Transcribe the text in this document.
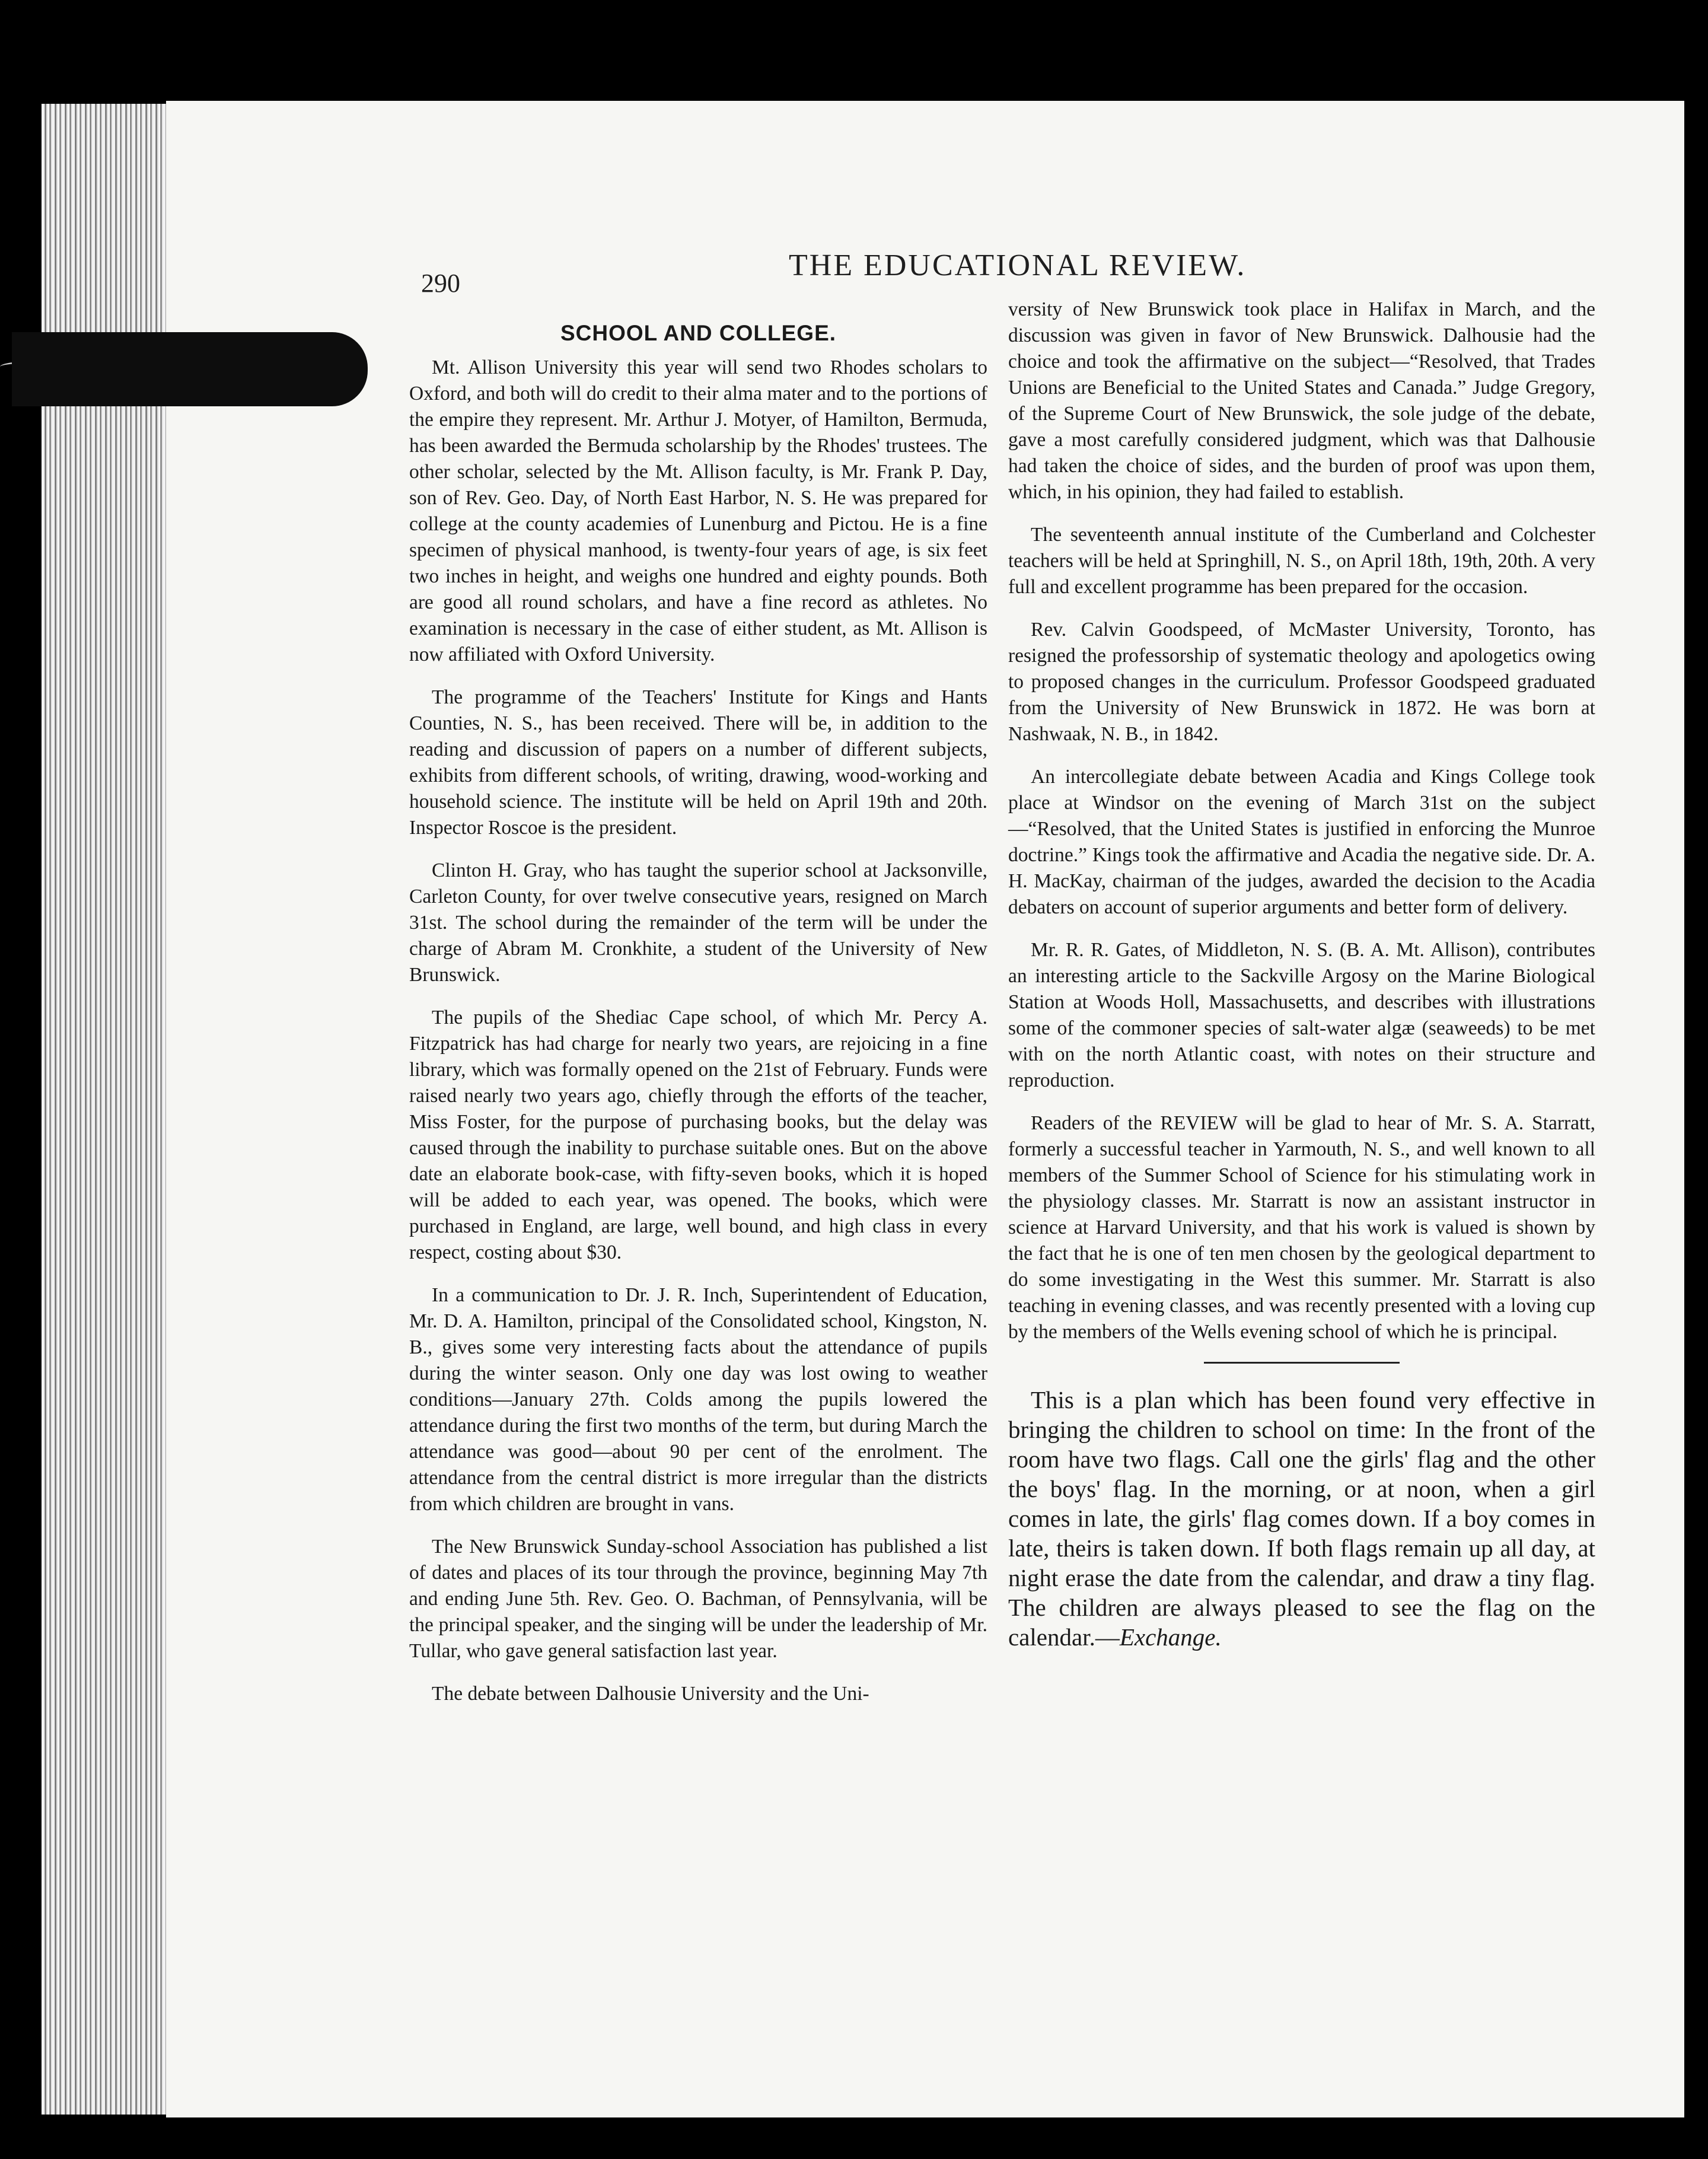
290
THE EDUCATIONAL REVIEW.
SCHOOL AND COLLEGE.

Mt. Allison University this year will send two Rhodes scholars to Oxford, and both will do credit to their alma mater and to the portions of the empire they represent. Mr. Arthur J. Motyer, of Hamilton, Bermuda, has been awarded the Bermuda scholarship by the Rhodes' trustees. The other scholar, selected by the Mt. Allison faculty, is Mr. Frank P. Day, son of Rev. Geo. Day, of North East Harbor, N. S. He was prepared for college at the county academies of Lunenburg and Pictou. He is a fine specimen of physical manhood, is twenty-four years of age, is six feet two inches in height, and weighs one hundred and eighty pounds. Both are good all round scholars, and have a fine record as athletes. No examination is necessary in the case of either student, as Mt. Allison is now affiliated with Oxford University.

The programme of the Teachers' Institute for Kings and Hants Counties, N. S., has been received. There will be, in addition to the reading and discussion of papers on a number of different subjects, exhibits from different schools, of writing, drawing, wood-working and household science. The institute will be held on April 19th and 20th. Inspector Roscoe is the president.

Clinton H. Gray, who has taught the superior school at Jacksonville, Carleton County, for over twelve consecutive years, resigned on March 31st. The school during the remainder of the term will be under the charge of Abram M. Cronkhite, a student of the University of New Brunswick.

The pupils of the Shediac Cape school, of which Mr. Percy A. Fitzpatrick has had charge for nearly two years, are rejoicing in a fine library, which was formally opened on the 21st of February. Funds were raised nearly two years ago, chiefly through the efforts of the teacher, Miss Foster, for the purpose of purchasing books, but the delay was caused through the inability to purchase suitable ones. But on the above date an elaborate book-case, with fifty-seven books, which it is hoped will be added to each year, was opened. The books, which were purchased in England, are large, well bound, and high class in every respect, costing about $30.

In a communication to Dr. J. R. Inch, Superintendent of Education, Mr. D. A. Hamilton, principal of the Consolidated school, Kingston, N. B., gives some very interesting facts about the attendance of pupils during the winter season. Only one day was lost owing to weather conditions—January 27th. Colds among the pupils lowered the attendance during the first two months of the term, but during March the attendance was good—about 90 per cent of the enrolment. The attendance from the central district is more irregular than the districts from which children are brought in vans.

The New Brunswick Sunday-school Association has published a list of dates and places of its tour through the province, beginning May 7th and ending June 5th. Rev. Geo. O. Bachman, of Pennsylvania, will be the principal speaker, and the singing will be under the leadership of Mr. Tullar, who gave general satisfaction last year.

The debate between Dalhousie University and the Uni-

versity of New Brunswick took place in Halifax in March, and the discussion was given in favor of New Brunswick. Dalhousie had the choice and took the affirmative on the subject—“Resolved, that Trades Unions are Beneficial to the United States and Canada.” Judge Gregory, of the Supreme Court of New Brunswick, the sole judge of the debate, gave a most carefully considered judgment, which was that Dalhousie had taken the choice of sides, and the burden of proof was upon them, which, in his opinion, they had failed to establish.

The seventeenth annual institute of the Cumberland and Colchester teachers will be held at Springhill, N. S., on April 18th, 19th, 20th. A very full and excellent programme has been prepared for the occasion.

Rev. Calvin Goodspeed, of McMaster University, Toronto, has resigned the professorship of systematic theology and apologetics owing to proposed changes in the curriculum. Professor Goodspeed graduated from the University of New Brunswick in 1872. He was born at Nashwaak, N. B., in 1842.

An intercollegiate debate between Acadia and Kings College took place at Windsor on the evening of March 31st on the subject—“Resolved, that the United States is justified in enforcing the Munroe doctrine.” Kings took the affirmative and Acadia the negative side. Dr. A. H. MacKay, chairman of the judges, awarded the decision to the Acadia debaters on account of superior arguments and better form of delivery.

Mr. R. R. Gates, of Middleton, N. S. (B. A. Mt. Allison), contributes an interesting article to the Sackville Argosy on the Marine Biological Station at Woods Holl, Massachusetts, and describes with illustrations some of the commoner species of salt-water algæ (seaweeds) to be met with on the north Atlantic coast, with notes on their structure and reproduction.

Readers of the REVIEW will be glad to hear of Mr. S. A. Starratt, formerly a successful teacher in Yarmouth, N. S., and well known to all members of the Summer School of Science for his stimulating work in the physiology classes. Mr. Starratt is now an assistant instructor in science at Harvard University, and that his work is valued is shown by the fact that he is one of ten men chosen by the geological department to do some investigating in the West this summer. Mr. Starratt is also teaching in evening classes, and was recently presented with a loving cup by the members of the Wells evening school of which he is principal.

This is a plan which has been found very effective in bringing the children to school on time: In the front of the room have two flags. Call one the girls' flag and the other the boys' flag. In the morning, or at noon, when a girl comes in late, the girls' flag comes down. If a boy comes in late, theirs is taken down. If both flags remain up all day, at night erase the date from the calendar, and draw a tiny flag. The children are always pleased to see the flag on the calendar.—Exchange.
